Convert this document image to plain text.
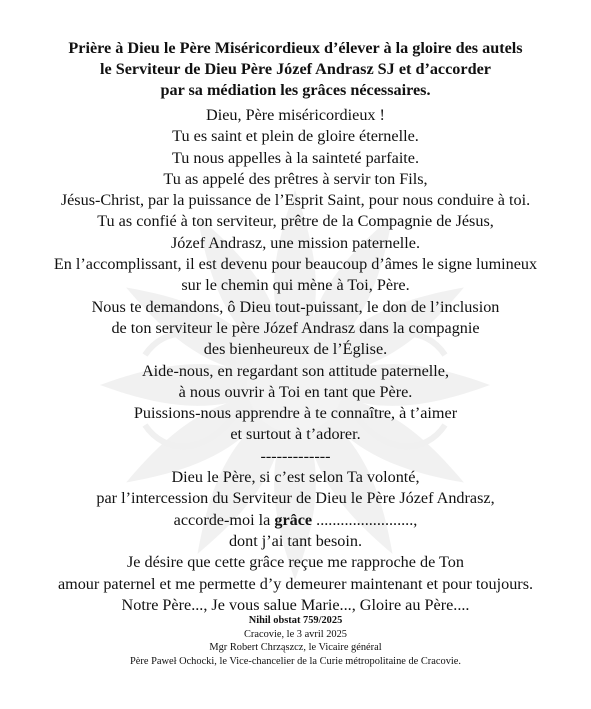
Prière à Dieu le Père Miséricordieux d’élever à la gloire des autels
le Serviteur de Dieu Père Józef Andrasz SJ et d’accorder
par sa médiation les grâces nécessaires.
Dieu, Père miséricordieux !
Tu es saint et plein de gloire éternelle.
Tu nous appelles à la sainteté parfaite.
Tu as appelé des prêtres à servir ton Fils,
Jésus-Christ, par la puissance de l’Esprit Saint, pour nous conduire à toi.
Tu as confié à ton serviteur, prêtre de la Compagnie de Jésus,
Józef Andrasz, une mission paternelle.
En l’accomplissant, il est devenu pour beaucoup d’âmes le signe lumineux
sur le chemin qui mène à Toi, Père.
Nous te demandons, ô Dieu tout-puissant, le don de l’inclusion
de ton serviteur le père Józef Andrasz dans la compagnie
des bienheureux de l’Église.
Aide-nous, en regardant son attitude paternelle,
à nous ouvrir à Toi en tant que Père.
Puissions-nous apprendre à te connaître, à t’aimer
et surtout à t’adorer.
-------------
Dieu le Père, si c’est selon Ta volonté,
par l’intercession du Serviteur de Dieu le Père Józef Andrasz,
accorde-moi la grâce ........................,
dont j’ai tant besoin.
Je désire que cette grâce reçue me rapproche de Ton
amour paternel et me permette d’y demeurer maintenant et pour toujours.
Notre Père..., Je vous salue Marie..., Gloire au Père....
Nihil obstat 759/2025
Cracovie, le 3 avril 2025
Mgr Robert Chrząszcz, le Vicaire général
Père Paweł Ochocki, le Vice-chancelier de la Curie métropolitaine de Cracovie.
